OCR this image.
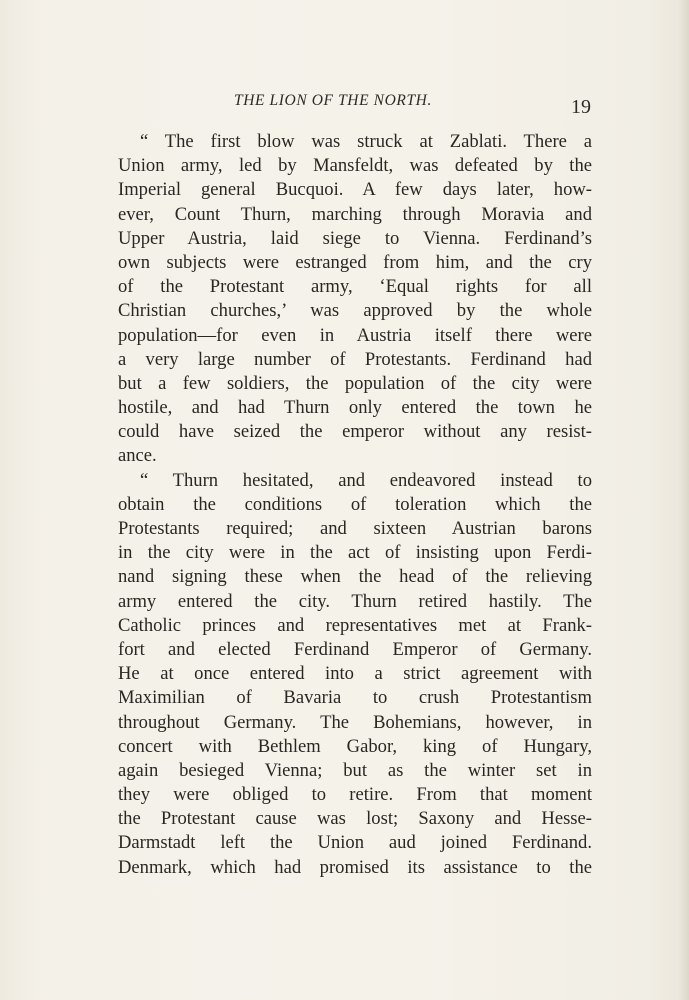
THE LION OF THE NORTH.	19
“ The first blow was struck at Zablati. There a
Union army, led by Mansfeldt, was defeated by the
Imperial general Bucquoi. A few days later, how-
ever, Count Thurn, marching through Moravia and
Upper Austria, laid siege to Vienna. Ferdinand’s
own subjects were estranged from him, and the cry
of the Protestant army, ‘Equal rights for all
Christian churches,’ was approved by the whole
population—for even in Austria itself there were
a very large number of Protestants. Ferdinand had
but a few soldiers, the population of the city were
hostile, and had Thurn only entered the town he
could have seized the emperor without any resist-
ance.
“ Thurn hesitated, and endeavored instead to
obtain the conditions of toleration which the
Protestants required; and sixteen Austrian barons
in the city were in the act of insisting upon Ferdi-
nand signing these when the head of the relieving
army entered the city. Thurn retired hastily. The
Catholic princes and representatives met at Frank-
fort and elected Ferdinand Emperor of Germany.
He at once entered into a strict agreement with
Maximilian of Bavaria to crush Protestantism
throughout Germany. The Bohemians, however, in
concert with Bethlem Gabor, king of Hungary,
again besieged Vienna; but as the winter set in
they were obliged to retire. From that moment
the Protestant cause was lost; Saxony and Hesse-
Darmstadt left the Union aud joined Ferdinand.
Denmark, which had promised its assistance to the
